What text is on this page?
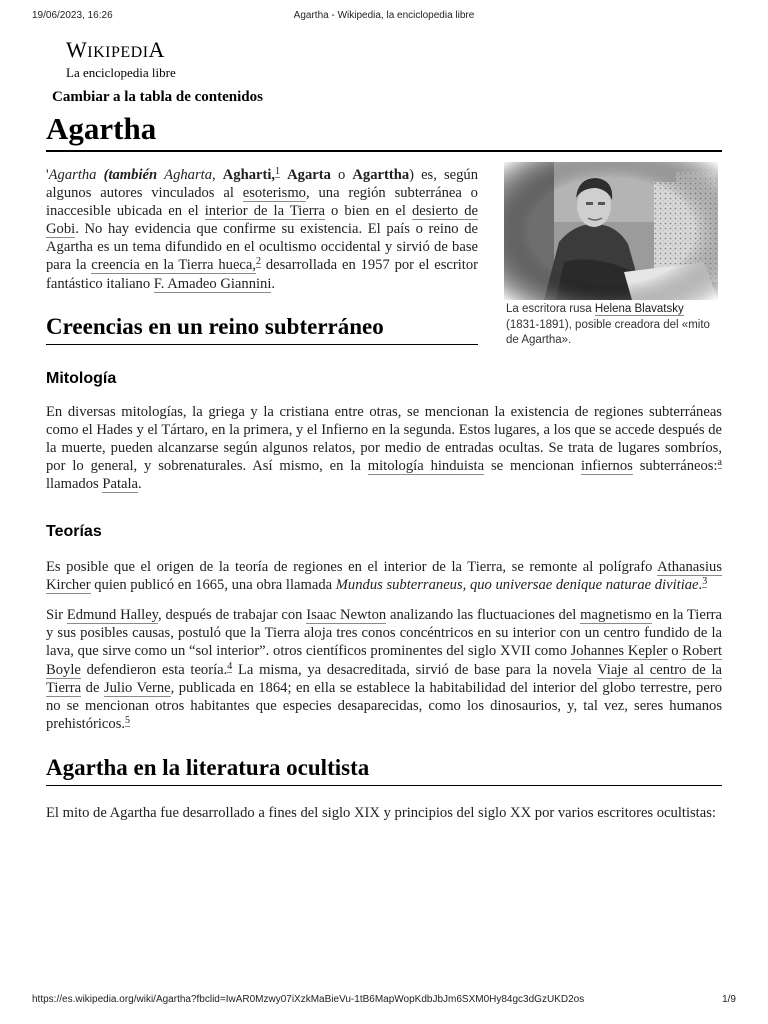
19/06/2023, 16:26	Agartha - Wikipedia, la enciclopedia libre
WIKIPEDIA
La enciclopedia libre
Cambiar a la tabla de contenidos
Agartha

'Agartha (también Agharta, Agharti,$^1$ Agarta o Agarttha) es, según algunos autores vinculados al esoterismo, una región subterránea o inaccesible ubicada en el interior de la Tierra o bien en el desierto de Gobi. No hay evidencia que confirme su existencia. El país o reino de Agartha es un tema difundido en el ocultismo occidental y sirvió de base para la creencia en la Tierra hueca,$^2$ desarrollada en 1957 por el escritor fantástico italiano F. Amadeo Giannini.

La escritora rusa Helena Blavatsky (1831-1891), posible creadora del «mito de Agartha».
Creencias en un reino subterráneo
Mitología

En diversas mitologías, la griega y la cristiana entre otras, se mencionan la existencia de regiones subterráneas como el Hades y el Tártaro, en la primera, y el Infierno en la segunda. Estos lugares, a los que se accede después de la muerte, pueden alcanzarse según algunos relatos, por medio de entradas ocultas. Se trata de lugares sombríos, por lo general, y sobrenaturales. Así mismo, en la mitología hinduista se mencionan infiernos subterráneos:$^a$ llamados Patala.

Teorías

Es posible que el origen de la teoría de regiones en el interior de la Tierra, se remonte al polígrafo Athanasius Kircher quien publicó en 1665, una obra llamada Mundus subterraneus, quo universae denique naturae divitiae.$^3$

Sir Edmund Halley, después de trabajar con Isaac Newton analizando las fluctuaciones del magnetismo en la Tierra y sus posibles causas, postuló que la Tierra aloja tres conos concéntricos en su interior con un centro fundido de la lava, que sirve como un “sol interior”. otros científicos prominentes del siglo XVII como Johannes Kepler o Robert Boyle defendieron esta teoría.$^4$ La misma, ya desacreditada, sirvió de base para la novela Viaje al centro de la Tierra de Julio Verne, publicada en 1864; en ella se establece la habitabilidad del interior del globo terrestre, pero no se mencionan otros habitantes que especies desaparecidas, como los dinosaurios, y, tal vez, seres humanos prehistóricos.$^5$

Agartha en la literatura ocultista

El mito de Agartha fue desarrollado a fines del siglo XIX y principios del siglo XX por varios escritores ocultistas:

https://es.wikipedia.org/wiki/Agartha?fbclid=IwAR0Mzwy07iXzkMaBieVu-1tB6MapWopKdbJbJm6SXM0Hy84gc3dGzUKD2os	1/9
